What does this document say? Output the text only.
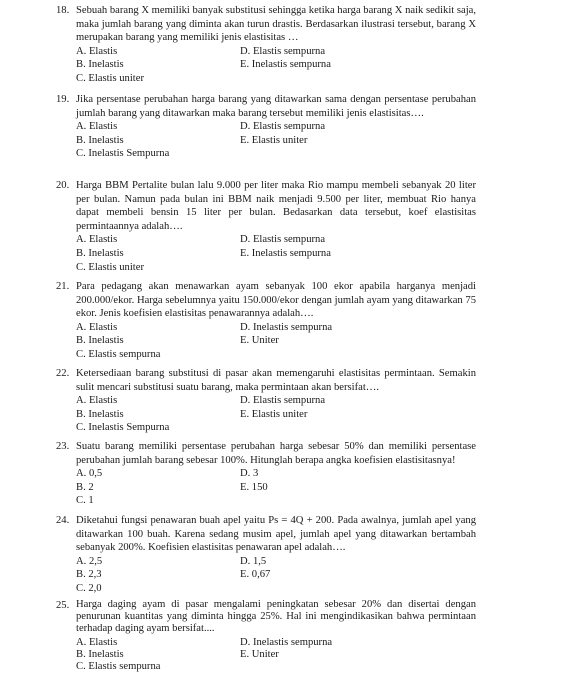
18. Sebuah barang X memiliki banyak substitusi sehingga ketika harga barang X naik sedikit saja, maka jumlah barang yang diminta akan turun drastis. Berdasarkan ilustrasi tersebut, barang X merupakan barang yang memiliki jenis elastisitas …
A. Elastis	D. Elastis sempurna
B. Inelastis	E. Inelastis sempurna
C. Elastis uniter
19. Jika persentase perubahan harga barang yang ditawarkan sama dengan persentase perubahan jumlah barang yang ditawarkan maka barang tersebut memiliki jenis elastisitas….
A. Elastis	D. Elastis sempurna
B. Inelastis	E. Elastis uniter
C. Inelastis Sempurna
20. Harga BBM Pertalite bulan lalu 9.000 per liter maka Rio mampu membeli sebanyak 20 liter per bulan. Namun pada bulan ini BBM naik menjadi 9.500 per liter, membuat Rio hanya dapat membeli bensin 15 liter per bulan. Bedasarkan data tersebut, koef elastisitas permintaannya adalah….
A. Elastis	D. Elastis sempurna
B. Inelastis	E. Inelastis sempurna
C. Elastis uniter
21. Para pedagang akan menawarkan ayam sebanyak 100 ekor apabila harganya menjadi 200.000/ekor. Harga sebelumnya yaitu 150.000/ekor dengan jumlah ayam yang ditawarkan 75 ekor. Jenis koefisien elastisitas penawarannya adalah….
A. Elastis	D. Inelastis sempurna
B. Inelastis	E. Uniter
C. Elastis sempurna
22. Ketersediaan barang substitusi di pasar akan memengaruhi elastisitas permintaan. Semakin sulit mencari substitusi suatu barang, maka permintaan akan bersifat….
A. Elastis	D. Elastis sempurna
B. Inelastis	E. Elastis uniter
C. Inelastis Sempurna
23. Suatu barang memiliki persentase perubahan harga sebesar 50% dan memiliki persentase perubahan jumlah barang sebesar 100%. Hitunglah berapa angka koefisien elastisitasnya!
A. 0,5	D. 3
B. 2	E. 150
C. 1
24. Diketahui fungsi penawaran buah apel yaitu Ps = 4Q + 200. Pada awalnya, jumlah apel yang ditawarkan 100 buah. Karena sedang musim apel, jumlah apel yang ditawarkan bertambah sebanyak 200%. Koefisien elastisitas penawaran apel adalah….
A. 2,5	D. 1,5
B. 2,3	E. 0,67
C. 2,0
25. Harga daging ayam di pasar mengalami peningkatan sebesar 20% dan disertai dengan penurunan kuantitas yang diminta hingga 25%. Hal ini mengindikasikan bahwa permintaan terhadap daging ayam bersifat....
A. Elastis	D. Inelastis sempurna
B. Inelastis	E. Uniter
C. Elastis sempurna
